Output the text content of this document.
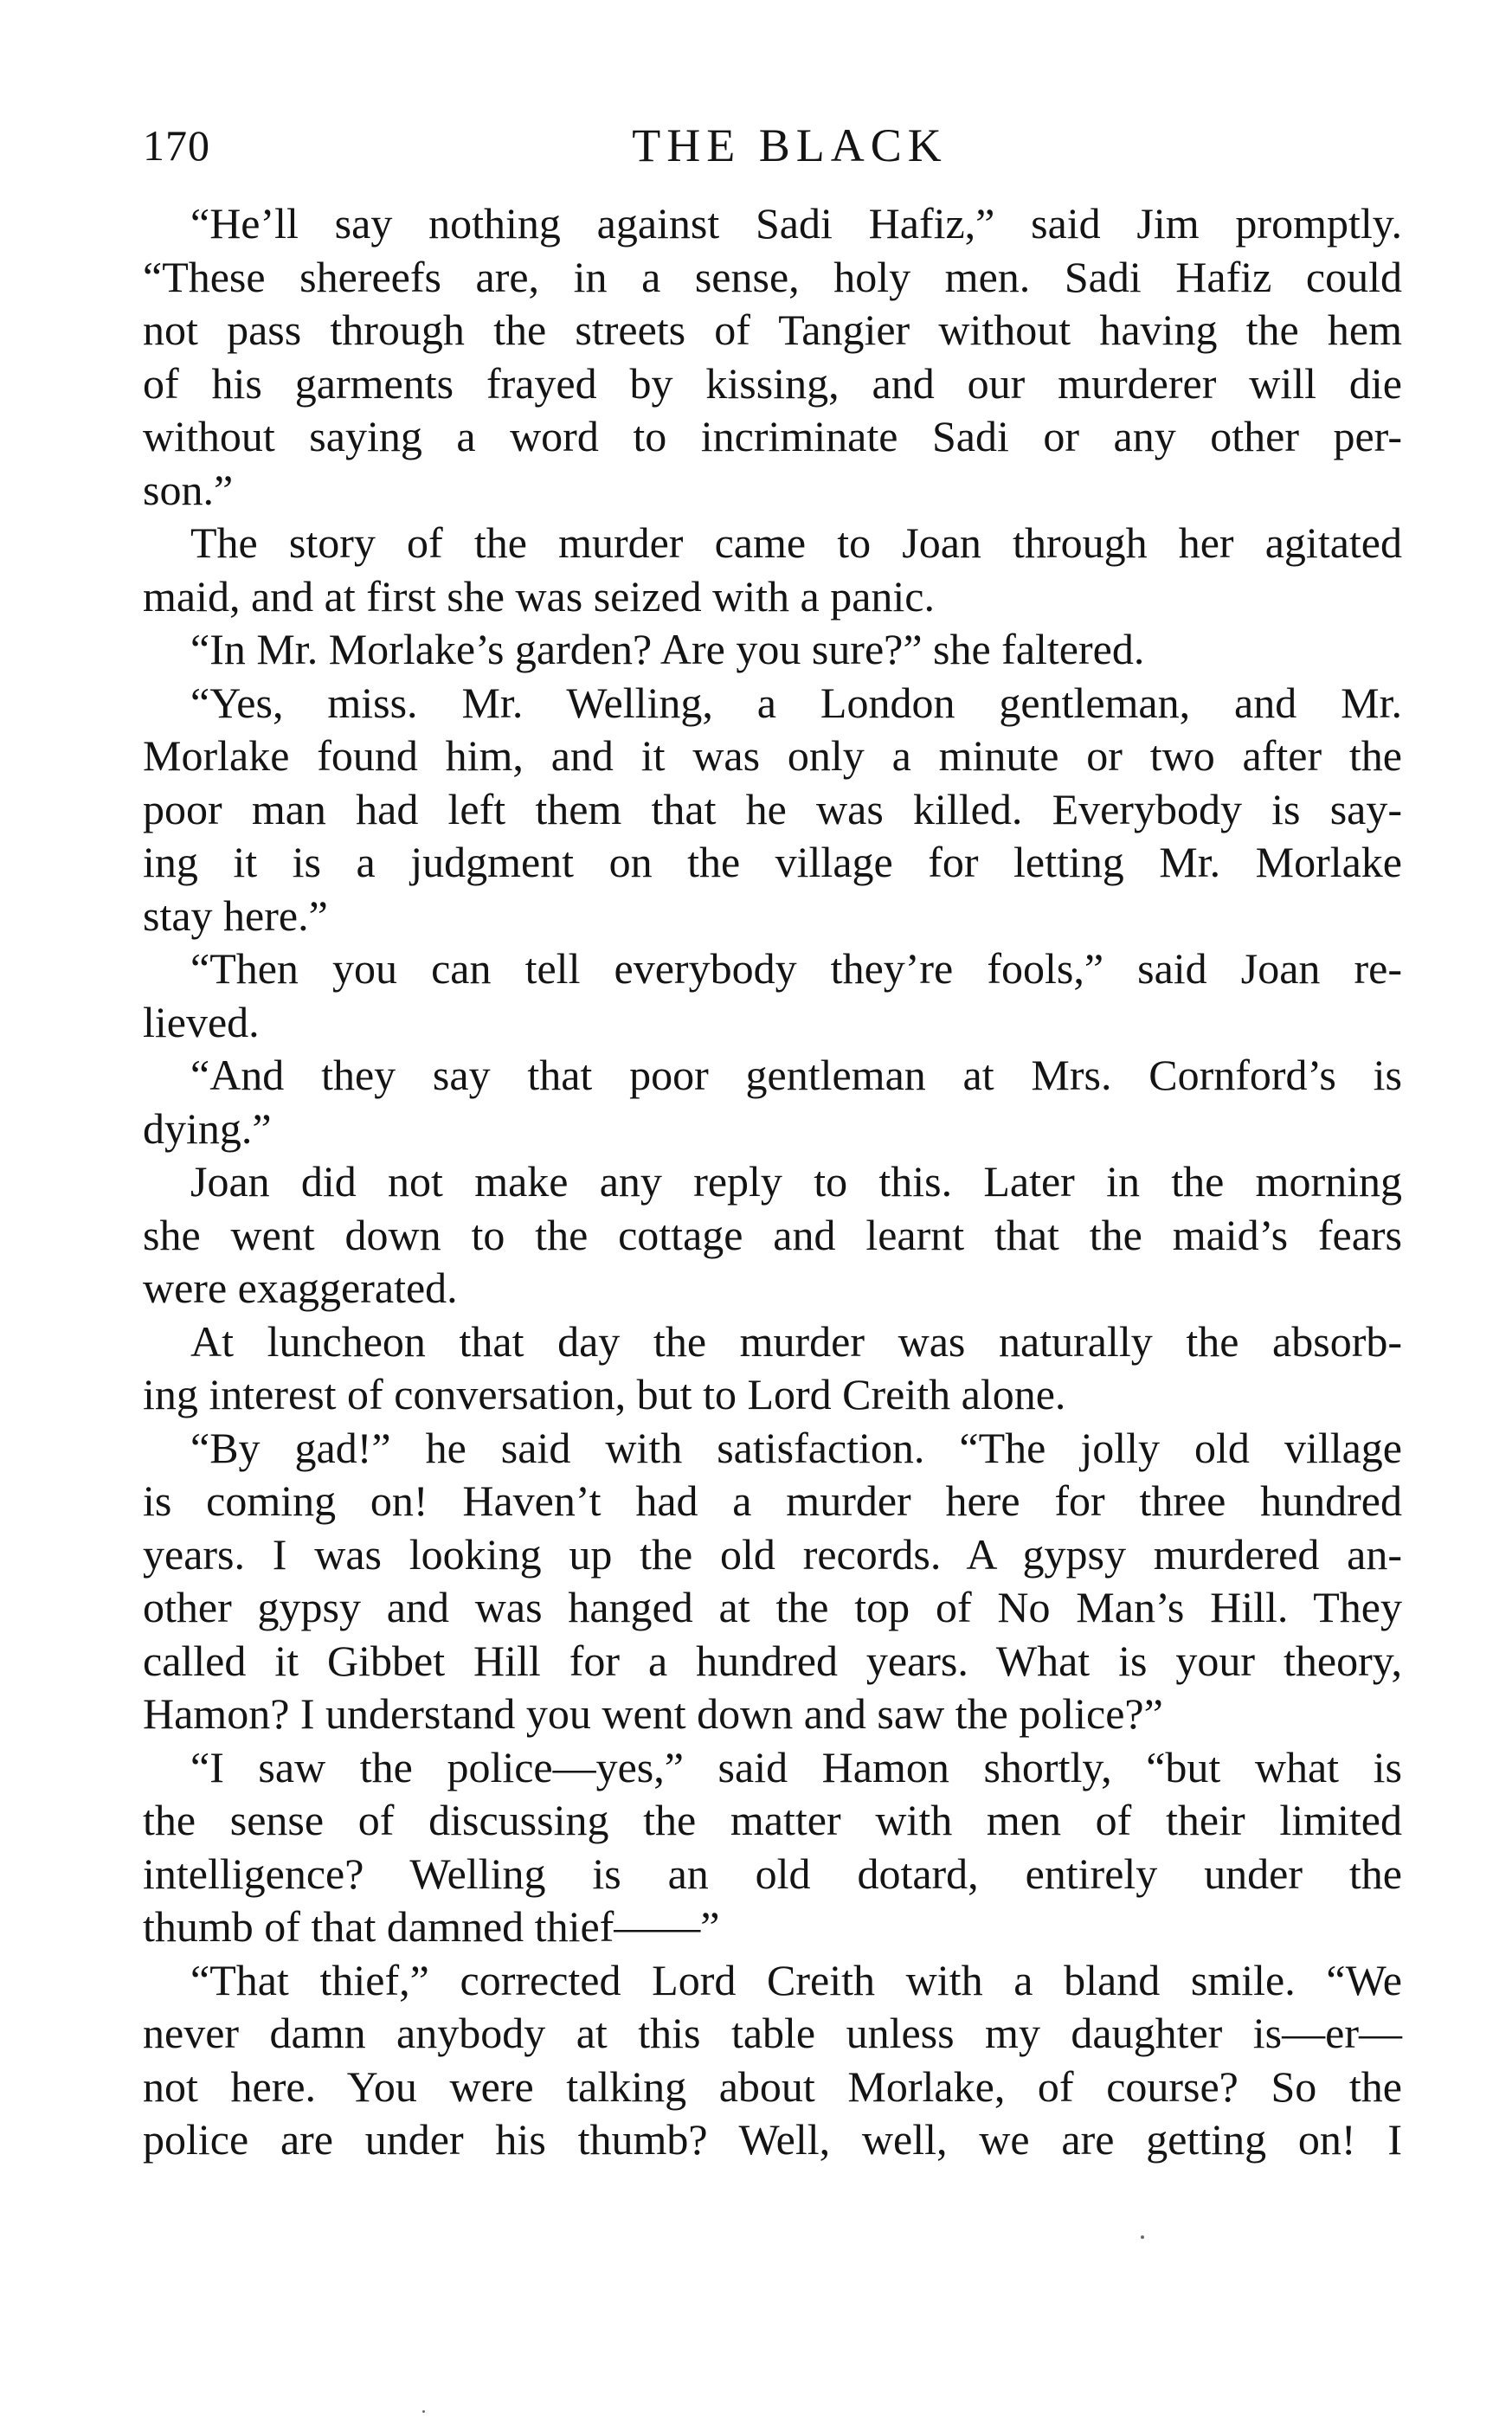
170	THE BLACK
“He’ll say nothing against Sadi Hafiz,” said Jim promptly.
“These shereefs are, in a sense, holy men. Sadi Hafiz could
not pass through the streets of Tangier without having the hem
of his garments frayed by kissing, and our murderer will die
without saying a word to incriminate Sadi or any other per-
son.”
The story of the murder came to Joan through her agitated
maid, and at first she was seized with a panic.
“In Mr. Morlake’s garden? Are you sure?” she faltered.
“Yes, miss. Mr. Welling, a London gentleman, and Mr.
Morlake found him, and it was only a minute or two after the
poor man had left them that he was killed. Everybody is say-
ing it is a judgment on the village for letting Mr. Morlake
stay here.”
“Then you can tell everybody they’re fools,” said Joan re-
lieved.
“And they say that poor gentleman at Mrs. Cornford’s is
dying.”
Joan did not make any reply to this. Later in the morning
she went down to the cottage and learnt that the maid’s fears
were exaggerated.
At luncheon that day the murder was naturally the absorb-
ing interest of conversation, but to Lord Creith alone.
“By gad!” he said with satisfaction. “The jolly old village
is coming on! Haven’t had a murder here for three hundred
years. I was looking up the old records. A gypsy murdered an-
other gypsy and was hanged at the top of No Man’s Hill. They
called it Gibbet Hill for a hundred years. What is your theory,
Hamon? I understand you went down and saw the police?”
“I saw the police—yes,” said Hamon shortly, “but what is
the sense of discussing the matter with men of their limited
intelligence? Welling is an old dotard, entirely under the
thumb of that damned thief——”
“That thief,” corrected Lord Creith with a bland smile. “We
never damn anybody at this table unless my daughter is—er—
not here. You were talking about Morlake, of course? So the
police are under his thumb? Well, well, we are getting on! I
